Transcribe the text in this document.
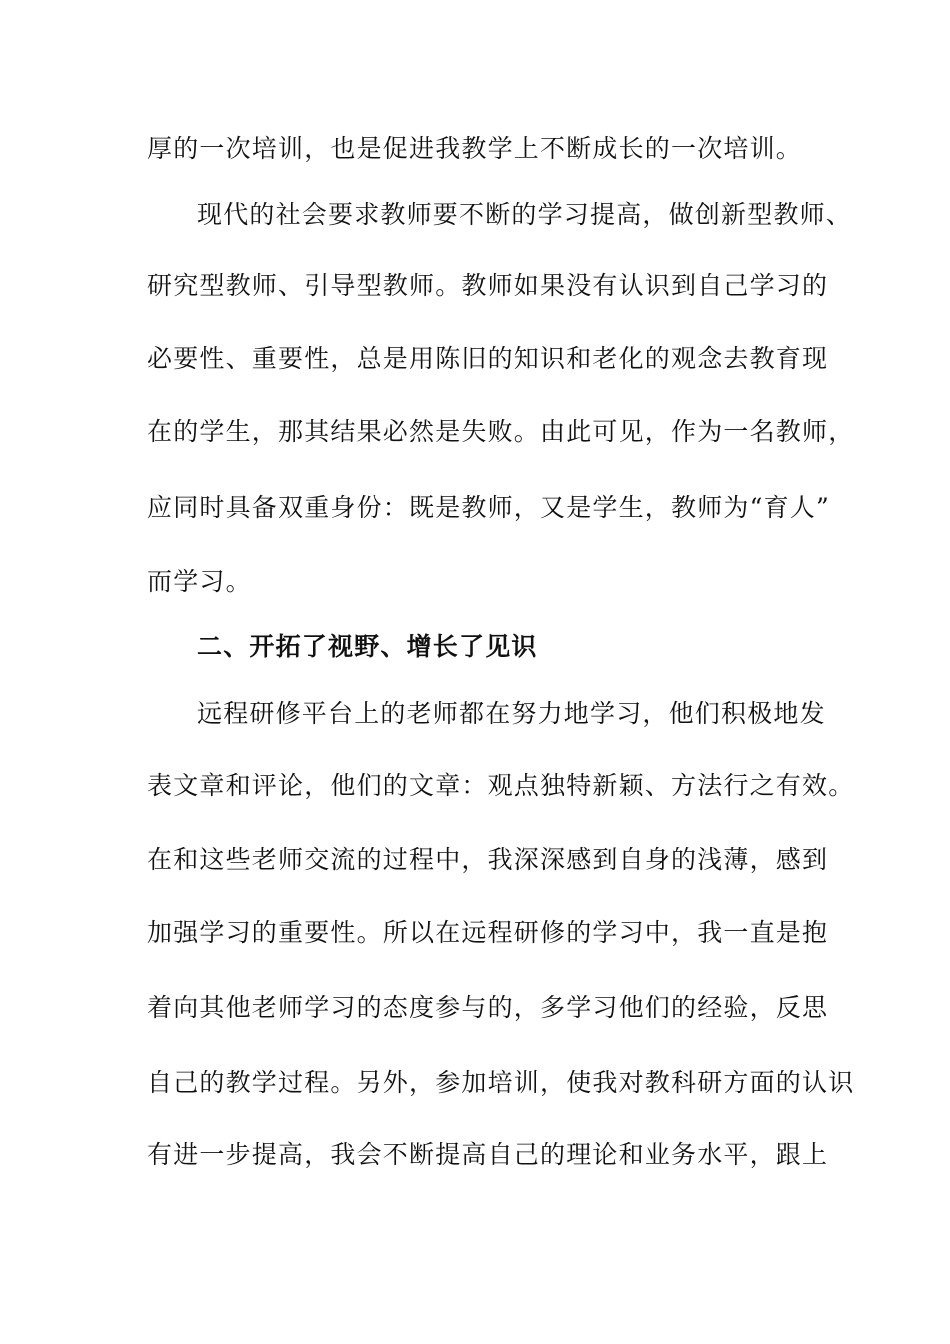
厚的一次培训，也是促进我教学上不断成长的一次培训。
现代的社会要求教师要不断的学习提高，做创新型教师、
研究型教师、引导型教师。教师如果没有认识到自己学习的
必要性、重要性，总是用陈旧的知识和老化的观念去教育现
在的学生，那其结果必然是失败。由此可见，作为一名教师，
应同时具备双重身份：既是教师，又是学生，教师为“育人”
而学习。
二、开拓了视野、增长了见识
远程研修平台上的老师都在努力地学习，他们积极地发
表文章和评论，他们的文章：观点独特新颖、方法行之有效。
在和这些老师交流的过程中，我深深感到自身的浅薄，感到
加强学习的重要性。所以在远程研修的学习中，我一直是抱
着向其他老师学习的态度参与的，多学习他们的经验，反思
自己的教学过程。另外，参加培训，使我对教科研方面的认识
有进一步提高，我会不断提高自己的理论和业务水平，跟上
